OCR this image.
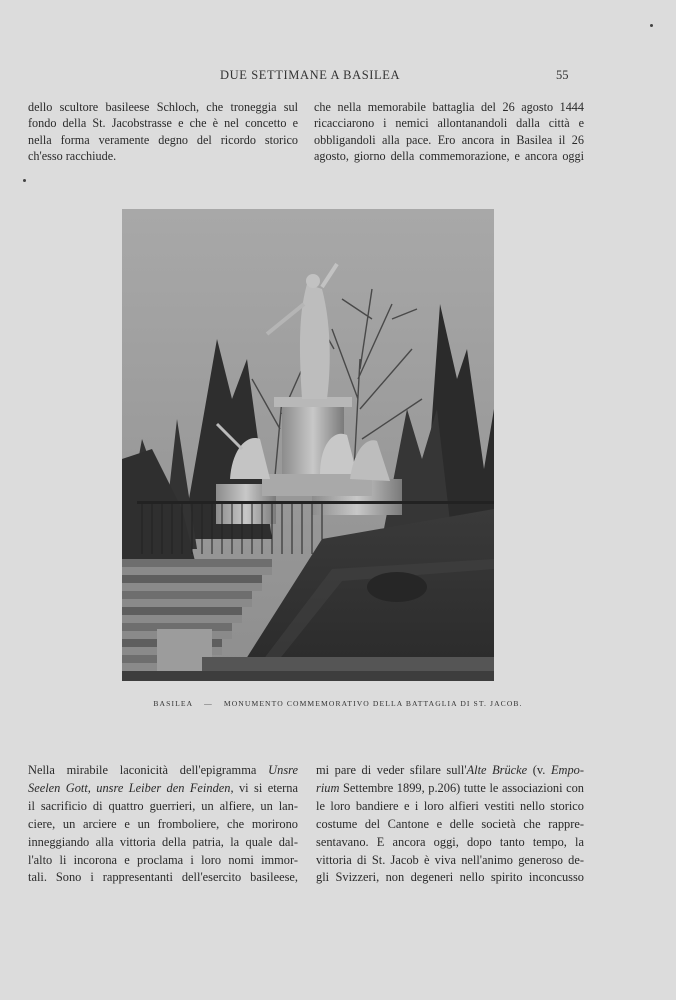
DUE SETTIMANE A BASILEA	55
dello scultore basileese Schloch, che troneggia sul
fondo della St. Jacobstrasse e che è nel concetto e
nella forma veramente degno del ricordo storico
ch'esso racchiude.
che nella memorabile battaglia del 26 agosto 1444
ricacciarono i nemici allontanandoli dalla città e
obbligandoli alla pace. Ero ancora in Basilea il 26
agosto, giorno della commemorazione, e ancora oggi
BASILEA — MONUMENTO COMMEMORATIVO DELLA BATTAGLIA DI ST. JACOB.
Nella mirabile laconicità dell'epigramma Unsre
Seelen Gott, unsre Leiber den Feinden, vi si eterna
il sacrificio di quattro guerrieri, un alfiere, un lan-
ciere, un arciere e un fromboliere, che morirono
inneggiando alla vittoria della patria, la quale dal-
l'alto li incorona e proclama i loro nomi immor-
tali. Sono i rappresentanti dell'esercito basileese,
mi pare di veder sfilare sull'Alte Brücke (v. Empo-
rium Settembre 1899, p.206) tutte le associazioni con
le loro bandiere e i loro alfieri vestiti nello storico
costume del Cantone e delle società che rappre-
sentavano. E ancora oggi, dopo tanto tempo, la
vittoria di St. Jacob è viva nell'animo generoso de-
gli Svizzeri, non degeneri nello spirito inconcusso
